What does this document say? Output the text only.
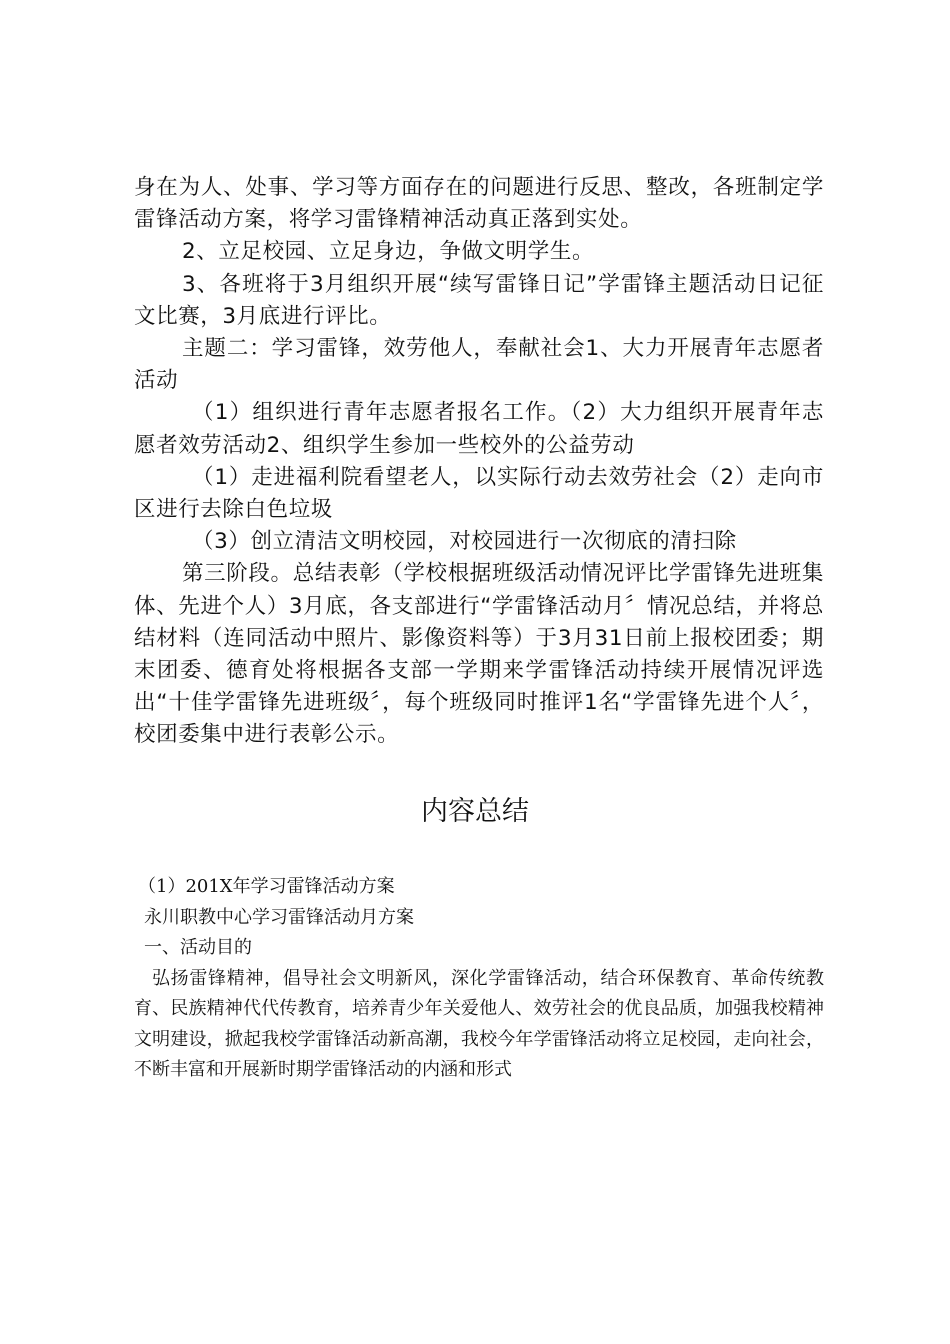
身在为人、处事、学习等方面存在的问题进行反思、整改，各班制定学雷锋活动方案，将学习雷锋精神活动真正落到实处。

2、立足校园、立足身边，争做文明学生。

3、各班将于3月组织开展“续写雷锋日记”学雷锋主题活动日记征文比赛，3月底进行评比。

主题二：学习雷锋，效劳他人，奉献社会1、大力开展青年志愿者活动

（1）组织进行青年志愿者报名工作。（2）大力组织开展青年志愿者效劳活动2、组织学生参加一些校外的公益劳动

（1）走进福利院看望老人，以实际行动去效劳社会（2）走向市区进行去除白色垃圾

（3）创立清洁文明校园，对校园进行一次彻底的清扫除

第三阶段。总结表彰（学校根据班级活动情况评比学雷锋先进班集体、先进个人）3月底，各支部进行“学雷锋活动月〞情况总结，并将总结材料（连同活动中照片、影像资料等）于3月31日前上报校团委；期末团委、德育处将根据各支部一学期来学雷锋活动持续开展情况评选出“十佳学雷锋先进班级〞，每个班级同时推评1名“学雷锋先进个人〞，校团委集中进行表彰公示。

内容总结

（1）201X年学习雷锋活动方案

永川职教中心学习雷锋活动月方案

一、活动目的

弘扬雷锋精神，倡导社会文明新风，深化学雷锋活动，结合环保教育、革命传统教育、民族精神代代传教育，培养青少年关爱他人、效劳社会的优良品质，加强我校精神文明建设，掀起我校学雷锋活动新高潮，我校今年学雷锋活动将立足校园，走向社会，不断丰富和开展新时期学雷锋活动的内涵和形式
